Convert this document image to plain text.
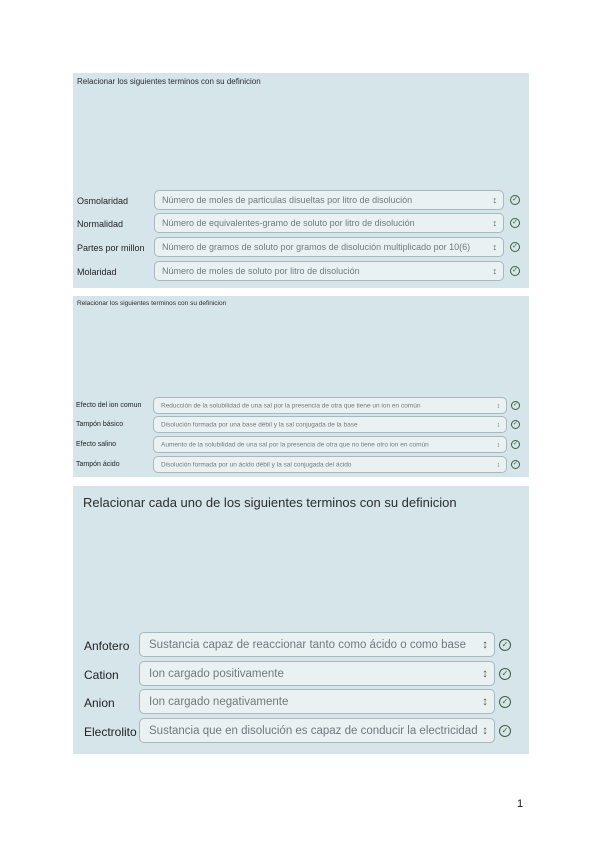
Relacionar los siguientes terminos con su definicion
Osmolaridad	Número de moles de particulas disueltas por litro de disolución	↕ ✓
Normalidad	Número de equivalentes-gramo de soluto por litro de disolución	↕ ✓
Partes por millon Número de gramos de soluto por gramos de disolución multiplicado por 10(6) ↕ ✓
Molaridad	Número de moles de soluto por litro de disolución	↕ ✓
Relacionar los siguientes terminos con su definicion
Efecto del ion comun	Reducción de la solubilidad de una sal por la presencia de otra que tiene un ion en común	↕	✓
Tampón básico	Disolución formada por una base débil y la sal conjugada de la base	↕	✓
Efecto salino	Aumento de la solubilidad de una sal por la presencia de otra que no tiene otro ion en común	↕	✓
Tampón ácido	Disolución formada por un ácido débil y la sal conjugada del ácido	↕	✓
Relacionar cada uno de los siguientes terminos con su definicion
Anfotero Sustancia capaz de reaccionar tanto como ácido o como base ↕	✓
Cation	Ion cargado positivamente	↕	✓
Anion	Ion cargado negativamente	↕	✓
Electrolito Sustancia que en disolución es capaz de conducir la electricidad ↕	✓
1
